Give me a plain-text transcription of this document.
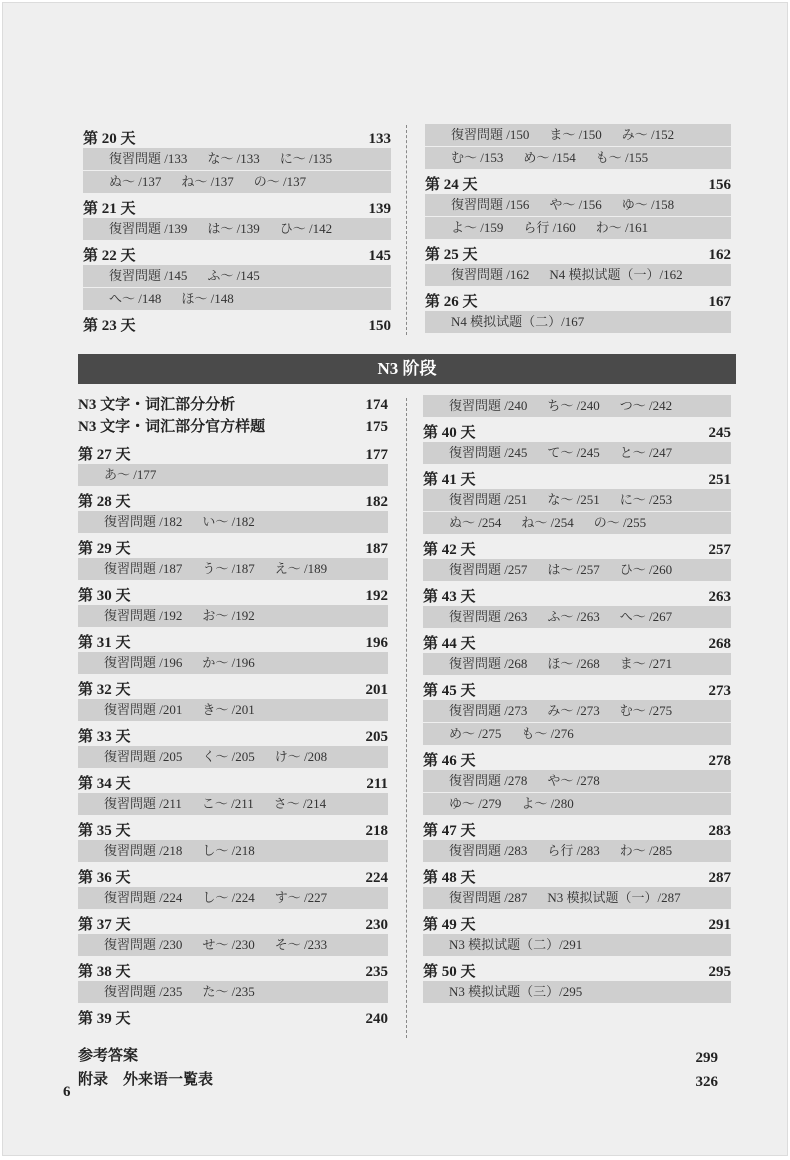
第 20 天	133
復習問題 /133 な～ /133 に～ /135
ぬ～ /137 ね～ /137 の～ /137
第 21 天	139
復習問題 /139 は～ /139 ひ～ /142
第 22 天	145
復習問題 /145 ふ～ /145
へ～ /148 ほ～ /148
第 23 天	150
復習問題 /150 ま～ /150 み～ /152
む～ /153 め～ /154 も～ /155
第 24 天	156
復習問題 /156 や～ /156 ゆ～ /158
よ～ /159 ら行 /160 わ～ /161
第 25 天	162
復習問題 /162 N4 模拟试题（一）/162
第 26 天	167
N4 模拟试题（二）/167
N3 阶段
N3 文字・词汇部分分析	174
N3 文字・词汇部分官方样题	175
第 27 天	177
あ～ /177
第 28 天	182
復習問題 /182 い～ /182
第 29 天	187
復習問題 /187 う～ /187 え～ /189
第 30 天	192
復習問題 /192 お～ /192
第 31 天	196
復習問題 /196 か～ /196
第 32 天	201
復習問題 /201 き～ /201
第 33 天	205
復習問題 /205 く～ /205 け～ /208
第 34 天	211
復習問題 /211 こ～ /211 さ～ /214
第 35 天	218
復習問題 /218 し～ /218
第 36 天	224
復習問題 /224 し～ /224 す～ /227
第 37 天	230
復習問題 /230 せ～ /230 そ～ /233
第 38 天	235
復習問題 /235 た～ /235
第 39 天	240
復習問題 /240 ち～ /240 つ～ /242
第 40 天	245
復習問題 /245 て～ /245 と～ /247
第 41 天	251
復習問題 /251 な～ /251 に～ /253
ぬ～ /254 ね～ /254 の～ /255
第 42 天	257
復習問題 /257 は～ /257 ひ～ /260
第 43 天	263
復習問題 /263 ふ～ /263 へ～ /267
第 44 天	268
復習問題 /268 ほ～ /268 ま～ /271
第 45 天	273
復習問題 /273 み～ /273 む～ /275
め～ /275 も～ /276
第 46 天	278
復習問題 /278 や～ /278
ゆ～ /279 よ～ /280
第 47 天	283
復習問題 /283 ら行 /283 わ～ /285
第 48 天	287
復習問題 /287 N3 模拟试题（一）/287
第 49 天	291
N3 模拟试题（二）/291
第 50 天	295
N3 模拟试题（三）/295
参考答案	299
附录　外来语一覧表	326
6
